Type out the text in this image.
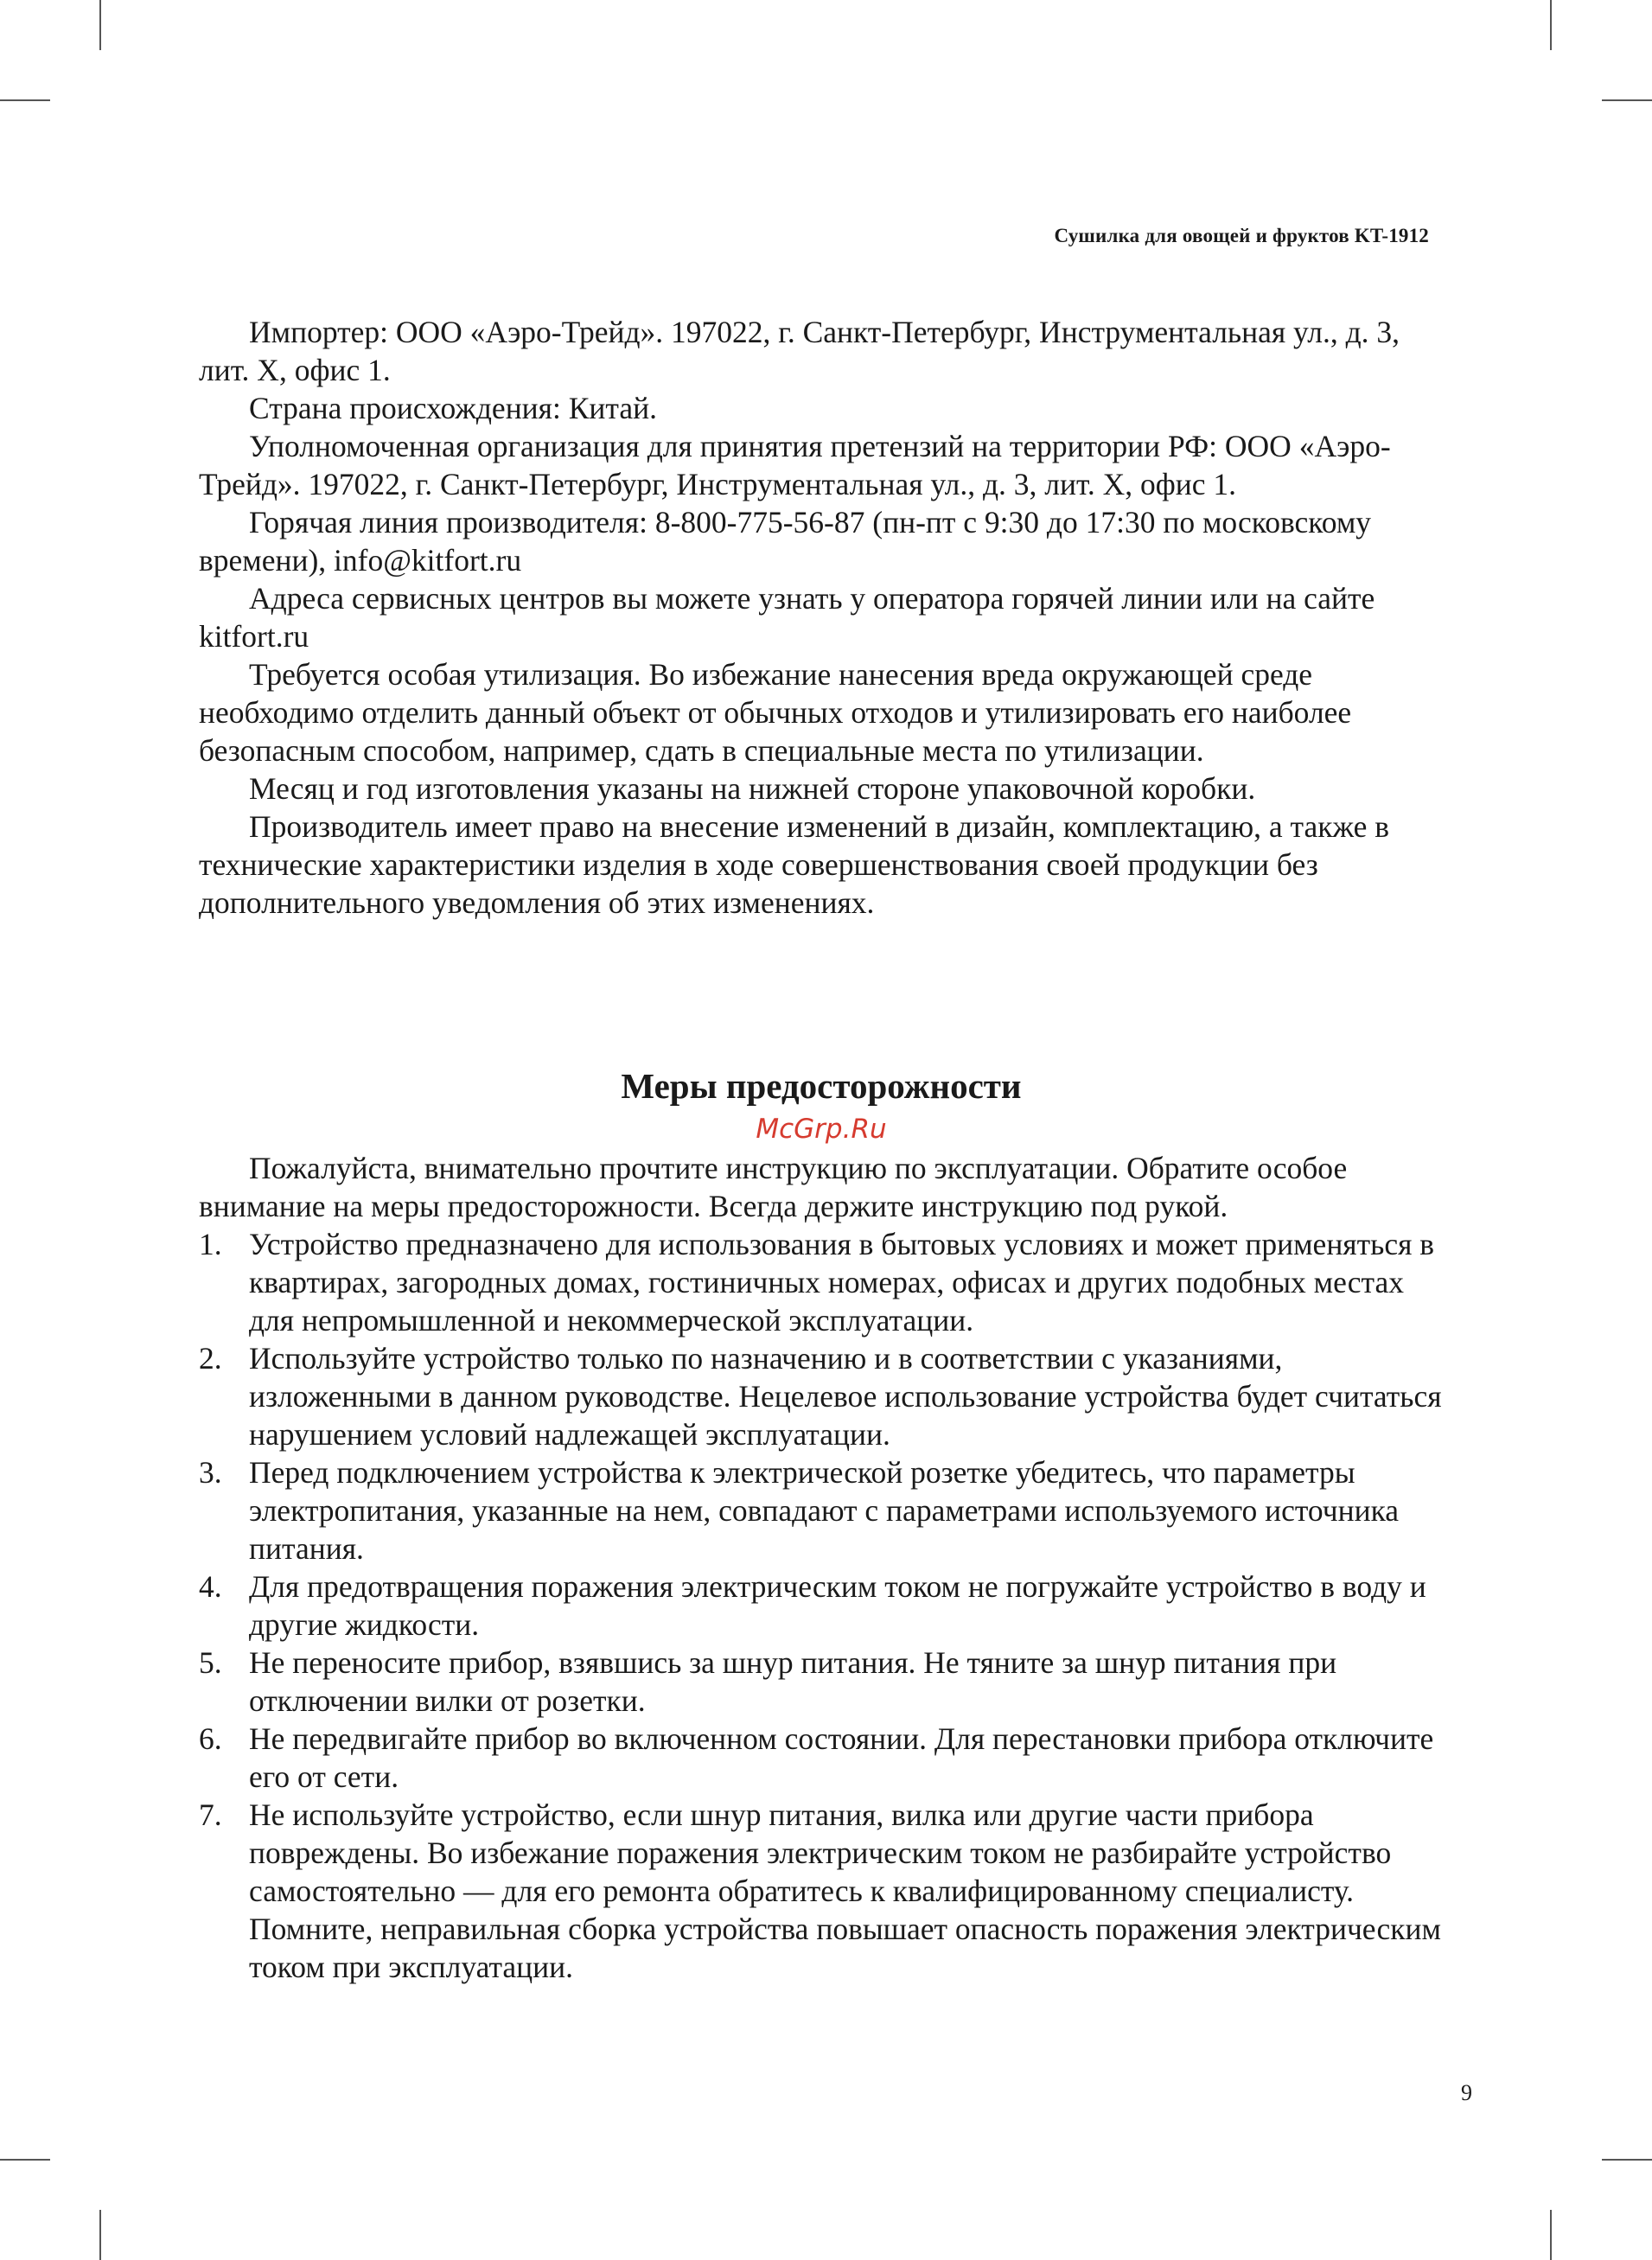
Сушилка для овощей и фруктов KT-1912

Импортер: ООО «Аэро-Трейд». 197022, г. Санкт-Петербург, Инструментальная ул., д. 3, лит. Х, офис 1.

Страна происхождения: Китай.

Уполномоченная организация для принятия претензий на территории РФ: ООО «Аэро-Трейд». 197022, г. Санкт-Петербург, Инструментальная ул., д. 3, лит. Х, офис 1.

Горячая линия производителя: 8-800-775-56-87 (пн-пт с 9:30 до 17:30 по московскому времени), info@kitfort.ru

Адреса сервисных центров вы можете узнать у оператора горячей линии или на сайте kitfort.ru

Требуется особая утилизация. Во избежание нанесения вреда окружающей среде необходимо отделить данный объект от обычных отходов и утилизировать его наиболее безопасным способом, например, сдать в специальные места по утилизации.

Месяц и год изготовления указаны на нижней стороне упаковочной коробки.

Производитель имеет право на внесение изменений в дизайн, комплектацию, а также в технические характеристики изделия в ходе совершенствования своей продукции без дополнительного уведомления об этих изменениях.

Меры предосторожности
McGrp.Ru

Пожалуйста, внимательно прочтите инструкцию по эксплуатации. Обратите особое внимание на меры предосторожности. Всегда держите инструкцию под рукой.

1. Устройство предназначено для использования в бытовых условиях и может применяться в квартирах, загородных домах, гостиничных номерах, офисах и других подобных местах для непромышленной и некоммерческой эксплуатации.
2. Используйте устройство только по назначению и в соответствии с указаниями, изложенными в данном руководстве. Нецелевое использование устройства будет считаться нарушением условий надлежащей эксплуатации.
3. Перед подключением устройства к электрической розетке убедитесь, что параметры электропитания, указанные на нем, совпадают с параметрами используемого источника питания.
4. Для предотвращения поражения электрическим током не погружайте устройство в воду и другие жидкости.
5. Не переносите прибор, взявшись за шнур питания. Не тяните за шнур питания при отключении вилки от розетки.
6. Не передвигайте прибор во включенном состоянии. Для перестановки прибора отключите его от сети.
7. Не используйте устройство, если шнур питания, вилка или другие части прибора повреждены. Во избежание поражения электрическим током не разбирайте устройство самостоятельно — для его ремонта обратитесь к квалифицированному специалисту. Помните, неправильная сборка устройства повышает опасность поражения электрическим током при эксплуатации.
9
